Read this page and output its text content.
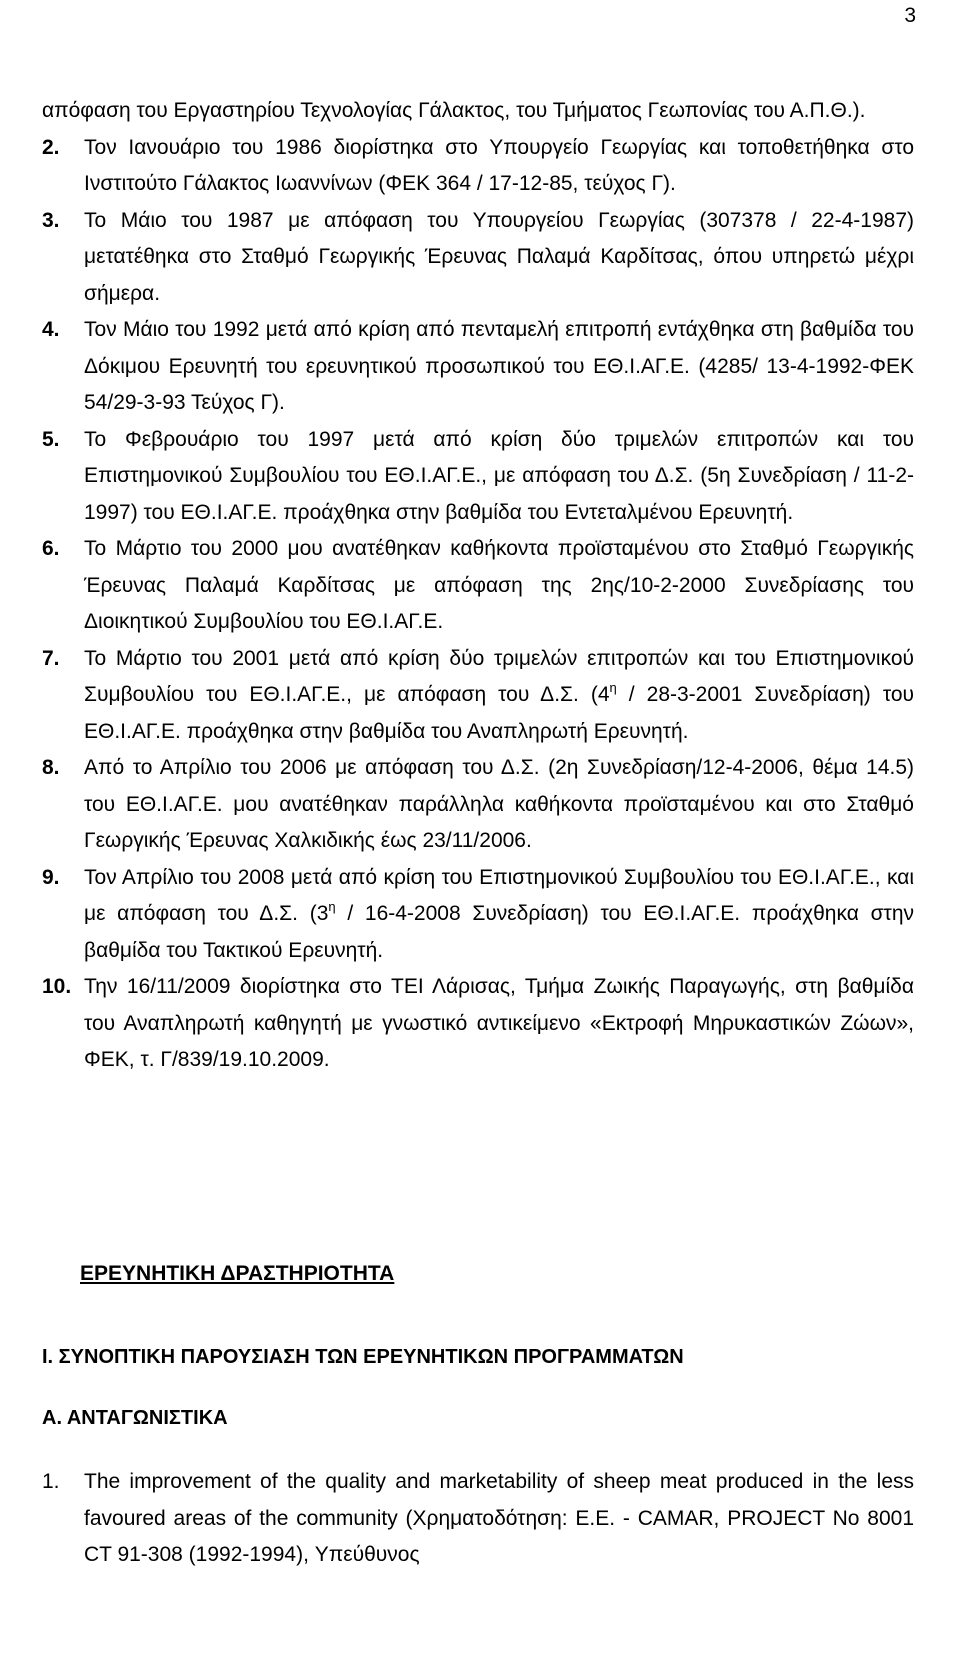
3

απόφαση του Εργαστηρίου Τεχνολογίας Γάλακτος, του Τμήματος Γεωπονίας του Α.Π.Θ.).

2. Τον Ιανουάριο του 1986 διορίστηκα στο Υπουργείο Γεωργίας και τοποθετήθηκα στο Ινστιτούτο Γάλακτος Ιωαννίνων (ΦΕΚ 364 / 17-12-85, τεύχος Γ).

3. Το Μάιο του 1987 με απόφαση του Υπουργείου Γεωργίας (307378 / 22-4-1987) μετατέθηκα στο Σταθμό Γεωργικής Έρευνας Παλαμά Καρδίτσας, όπου υπηρετώ μέχρι σήμερα.

4. Τον Μάιο του 1992 μετά από κρίση από πενταμελή επιτροπή εντάχθηκα στη βαθμίδα του Δόκιμου Ερευνητή του ερευνητικού προσωπικού του ΕΘ.Ι.ΑΓ.Ε. (4285/ 13-4-1992-ΦΕΚ 54/29-3-93 Τεύχος Γ).

5. Το Φεβρουάριο του 1997 μετά από κρίση δύο τριμελών επιτροπών και του Επιστημονικού Συμβουλίου του ΕΘ.Ι.ΑΓ.Ε., με απόφαση του Δ.Σ. (5η Συνεδρίαση / 11-2-1997) του ΕΘ.Ι.ΑΓ.Ε. προάχθηκα στην βαθμίδα του Εντεταλμένου Ερευνητή.

6. Το Μάρτιο του 2000 μου ανατέθηκαν καθήκοντα προϊσταμένου στο Σταθμό Γεωργικής Έρευνας Παλαμά Καρδίτσας με απόφαση της 2ης/10-2-2000 Συνεδρίασης του Διοικητικού Συμβουλίου του ΕΘ.Ι.ΑΓ.Ε.

7. Το Μάρτιο του 2001 μετά από κρίση δύο τριμελών επιτροπών και του Επιστημονικού Συμβουλίου του ΕΘ.Ι.ΑΓ.Ε., με απόφαση του Δ.Σ. ($4^\eta / 28-3-2001$ Συνεδρίαση) του ΕΘ.Ι.ΑΓ.Ε. προάχθηκα στην βαθμίδα του Αναπληρωτή Ερευνητή.

8. Από το Απρίλιο του 2006 με απόφαση του Δ.Σ. (2η Συνεδρίαση/12-4-2006, θέμα 14.5) του ΕΘ.Ι.ΑΓ.Ε. μου ανατέθηκαν παράλληλα καθήκοντα προϊσταμένου και στο Σταθμό Γεωργικής Έρευνας Χαλκιδικής έως 23/11/2006.

9. Τον Απρίλιο του 2008 μετά από κρίση του Επιστημονικού Συμβουλίου του ΕΘ.Ι.ΑΓ.Ε., και με απόφαση του Δ.Σ. ($3^\eta / 16-4-2008$ Συνεδρίαση) του ΕΘ.Ι.ΑΓ.Ε. προάχθηκα στην βαθμίδα του Τακτικού Ερευνητή.

10. Την 16/11/2009 διορίστηκα στο ΤΕΙ Λάρισας, Τμήμα Ζωικής Παραγωγής, στη βαθμίδα του Αναπληρωτή καθηγητή με γνωστικό αντικείμενο «Εκτροφή Μηρυκαστικών Ζώων», ΦΕΚ, τ. Γ/839/19.10.2009.

ΕΡΕΥΝΗΤΙΚΗ ΔΡΑΣΤΗΡΙΟΤΗΤΑ
Ι. ΣΥΝΟΠΤΙΚΗ ΠΑΡΟΥΣΙΑΣΗ ΤΩΝ ΕΡΕΥΝΗΤΙΚΩΝ ΠΡΟΓΡΑΜΜΑΤΩΝ
Α. ΑΝΤΑΓΩΝΙΣΤΙΚΑ

1. The improvement of the quality and marketability of sheep meat produced in the less favoured areas of the community (Χρηματοδότηση: Ε.Ε. - CAMAR, PROJECT No 8001 CT 91-308 (1992-1994), Υπεύθυνος
